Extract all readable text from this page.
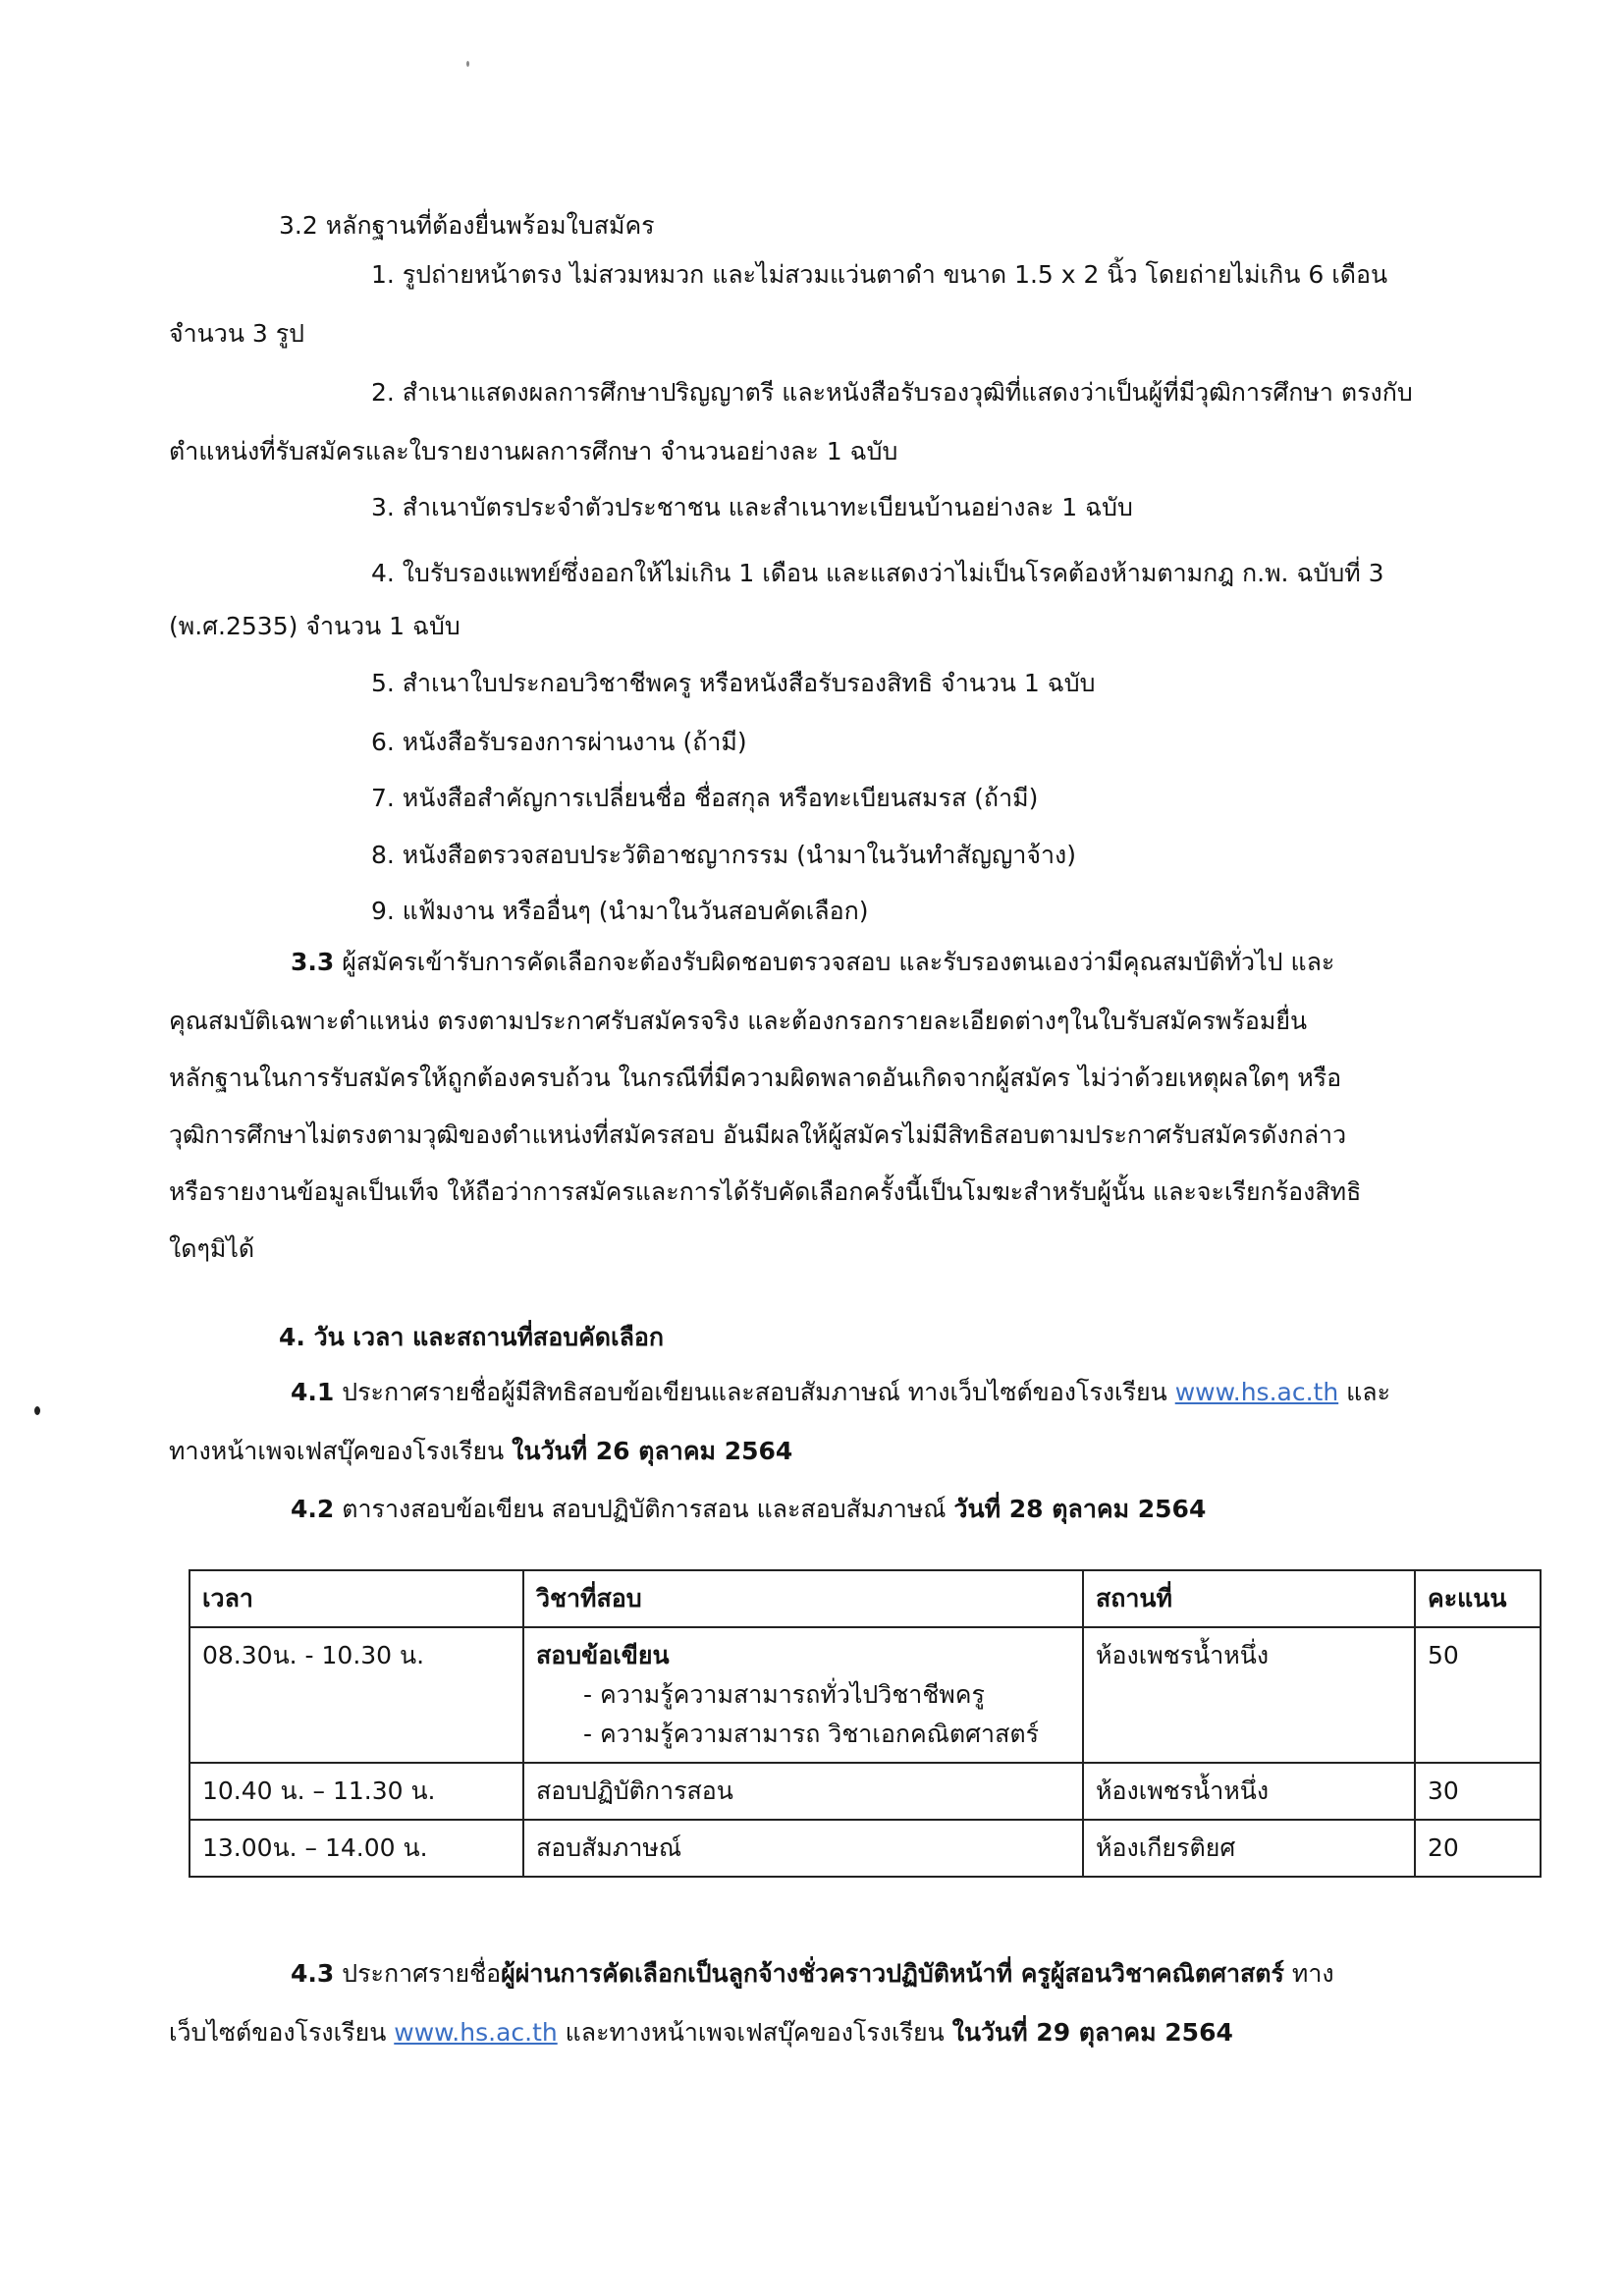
3.2 หลักฐานที่ต้องยื่นพร้อมใบสมัคร
1. รูปถ่ายหน้าตรง ไม่สวมหมวก และไม่สวมแว่นตาดำ ขนาด 1.5 x 2 นิ้ว โดยถ่ายไม่เกิน 6 เดือน
จำนวน 3 รูป
2. สำเนาแสดงผลการศึกษาปริญญาตรี และหนังสือรับรองวุฒิที่แสดงว่าเป็นผู้ที่มีวุฒิการศึกษา ตรงกับ
ตำแหน่งที่รับสมัครและใบรายงานผลการศึกษา จำนวนอย่างละ 1 ฉบับ
3. สำเนาบัตรประจำตัวประชาชน และสำเนาทะเบียนบ้านอย่างละ 1 ฉบับ
4. ใบรับรองแพทย์ซึ่งออกให้ไม่เกิน 1 เดือน และแสดงว่าไม่เป็นโรคต้องห้ามตามกฎ ก.พ. ฉบับที่ 3
(พ.ศ.2535) จำนวน 1 ฉบับ
5. สำเนาใบประกอบวิชาชีพครู หรือหนังสือรับรองสิทธิ จำนวน 1 ฉบับ
6. หนังสือรับรองการผ่านงาน (ถ้ามี)
7. หนังสือสำคัญการเปลี่ยนชื่อ ชื่อสกุล หรือทะเบียนสมรส (ถ้ามี)
8. หนังสือตรวจสอบประวัติอาชญากรรม (นำมาในวันทำสัญญาจ้าง)
9. แฟ้มงาน หรืออื่นๆ (นำมาในวันสอบคัดเลือก)
3.3 ผู้สมัครเข้ารับการคัดเลือกจะต้องรับผิดชอบตรวจสอบ และรับรองตนเองว่ามีคุณสมบัติทั่วไป และ
คุณสมบัติเฉพาะตำแหน่ง ตรงตามประกาศรับสมัครจริง และต้องกรอกรายละเอียดต่างๆในใบรับสมัครพร้อมยื่น
หลักฐานในการรับสมัครให้ถูกต้องครบถ้วน ในกรณีที่มีความผิดพลาดอันเกิดจากผู้สมัคร ไม่ว่าด้วยเหตุผลใดๆ หรือ
วุฒิการศึกษาไม่ตรงตามวุฒิของตำแหน่งที่สมัครสอบ อันมีผลให้ผู้สมัครไม่มีสิทธิสอบตามประกาศรับสมัครดังกล่าว
หรือรายงานข้อมูลเป็นเท็จ ให้ถือว่าการสมัครและการได้รับคัดเลือกครั้งนี้เป็นโมฆะสำหรับผู้นั้น และจะเรียกร้องสิทธิ
ใดๆมิได้
4. วัน เวลา และสถานที่สอบคัดเลือก
4.1 ประกาศรายชื่อผู้มีสิทธิสอบข้อเขียนและสอบสัมภาษณ์ ทางเว็บไซต์ของโรงเรียน www.hs.ac.th และ
ทางหน้าเพจเฟสบุ๊คของโรงเรียน ในวันที่ 26 ตุลาคม 2564
4.2 ตารางสอบข้อเขียน สอบปฏิบัติการสอน และสอบสัมภาษณ์ วันที่ 28 ตุลาคม 2564
เวลา	วิชาที่สอบ	สถานที่	คะแนน
08.30น. - 10.30 น.	สอบข้อเขียน
- ความรู้ความสามารถทั่วไปวิชาชีพครู
- ความรู้ความสามารถ วิชาเอกคณิตศาสตร์	ห้องเพชรน้ำหนึ่ง	50
10.40 น. – 11.30 น.	สอบปฏิบัติการสอน	ห้องเพชรน้ำหนึ่ง	30
13.00น. – 14.00 น.	สอบสัมภาษณ์	ห้องเกียรติยศ	20
4.3 ประกาศรายชื่อผู้ผ่านการคัดเลือกเป็นลูกจ้างชั่วคราวปฏิบัติหน้าที่ ครูผู้สอนวิชาคณิตศาสตร์ ทาง
เว็บไซต์ของโรงเรียน www.hs.ac.th และทางหน้าเพจเฟสบุ๊คของโรงเรียน ในวันที่ 29 ตุลาคม 2564
